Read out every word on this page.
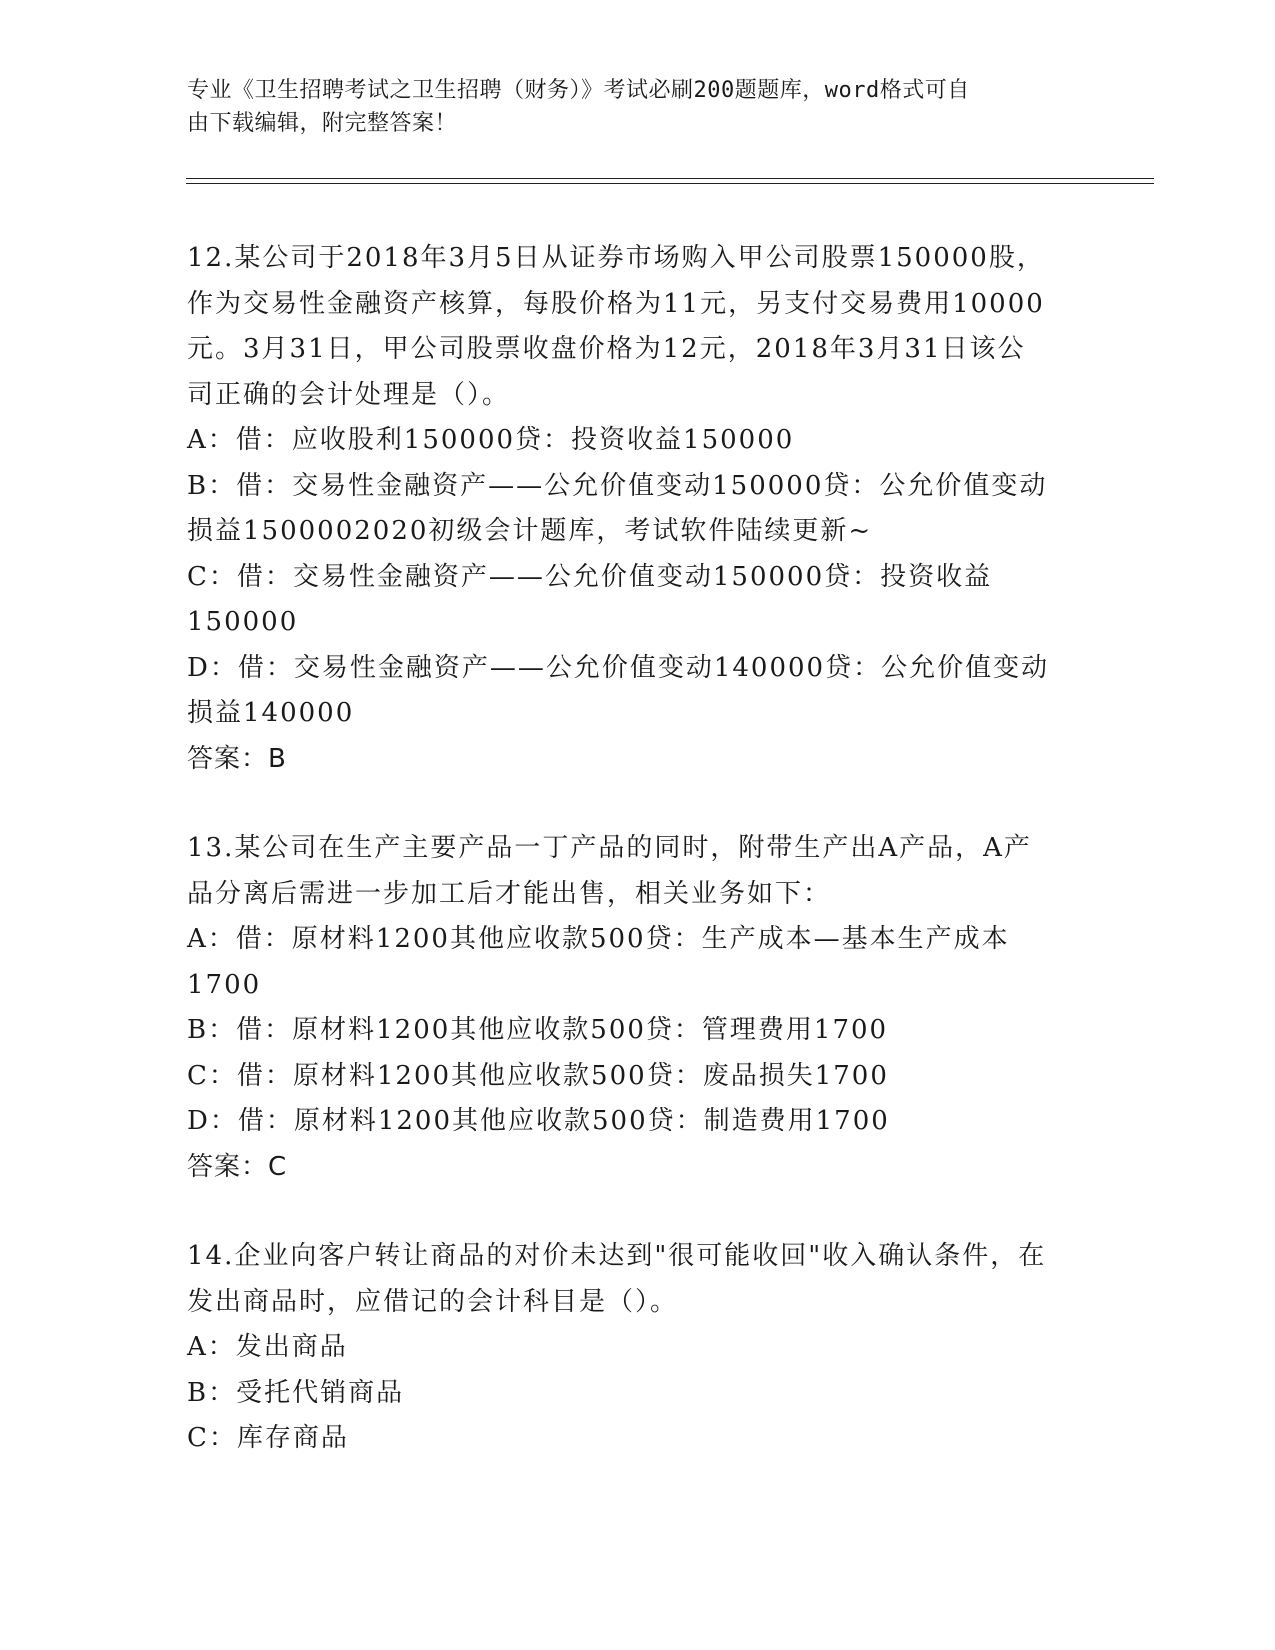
专业《卫生招聘考试之卫生招聘（财务）》考试必刷200题题库，word格式可自
由下载编辑，附完整答案！
12.某公司于2018年3月5日从证券市场购入甲公司股票150000股，
作为交易性金融资产核算，每股价格为11元，另支付交易费用10000
元。3月31日，甲公司股票收盘价格为12元，2018年3月31日该公
司正确的会计处理是（）。
A：借：应收股利150000贷：投资收益150000
B：借：交易性金融资产——公允价值变动150000贷：公允价值变动
损益1500002020初级会计题库，考试软件陆续更新~
C：借：交易性金融资产——公允价值变动150000贷：投资收益
150000
D：借：交易性金融资产——公允价值变动140000贷：公允价值变动
损益140000
答案：B
13.某公司在生产主要产品一丁产品的同时，附带生产出A产品，A产
品分离后需进一步加工后才能出售，相关业务如下：
A：借：原材料1200其他应收款500贷：生产成本—基本生产成本
1700
B：借：原材料1200其他应收款500贷：管理费用1700
C：借：原材料1200其他应收款500贷：废品损失1700
D：借：原材料1200其他应收款500贷：制造费用1700
答案：C
14.企业向客户转让商品的对价未达到"很可能收回"收入确认条件，在
发出商品时，应借记的会计科目是（）。
A：发出商品
B：受托代销商品
C：库存商品
